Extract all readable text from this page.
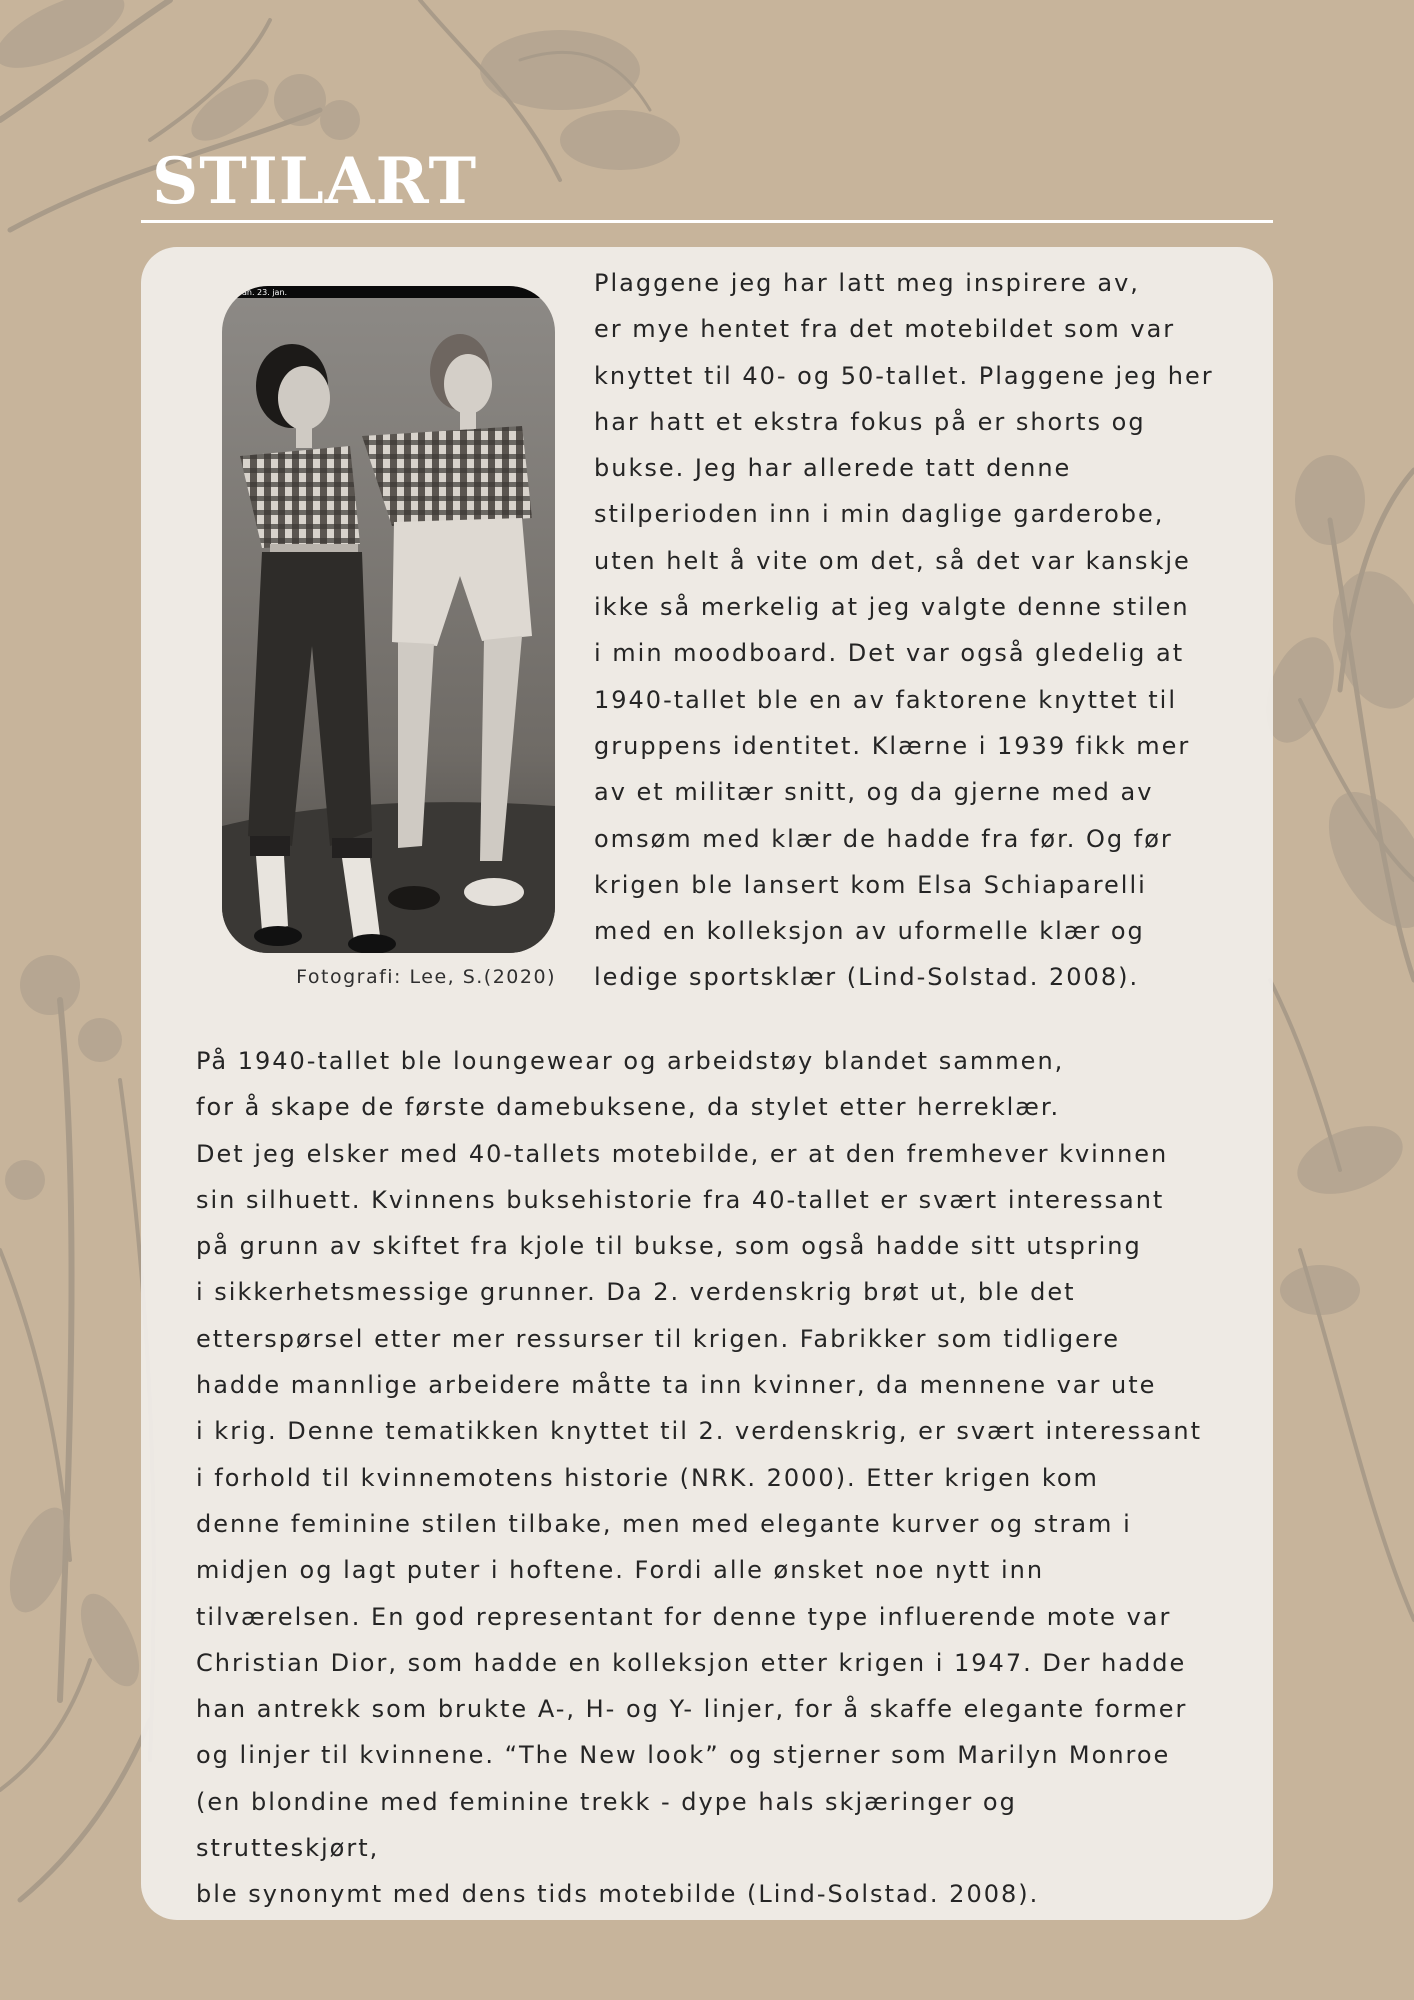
STILART
an. 23. jan.

Fotografi: Lee, S.(2020)

Plaggene jeg har latt meg inspirere av,
er mye hentet fra det motebildet som var
knyttet til 40- og 50-tallet. Plaggene jeg her
har hatt et ekstra fokus på er shorts og
bukse. Jeg har allerede tatt denne
stilperioden inn i min daglige garderobe,
uten helt å vite om det, så det var kanskje
ikke så merkelig at jeg valgte denne stilen
i min moodboard. Det var også gledelig at
1940-tallet ble en av faktorene knyttet til
gruppens identitet. Klærne i 1939 fikk mer
av et militær snitt, og da gjerne med av
omsøm med klær de hadde fra før. Og før
krigen ble lansert kom Elsa Schiaparelli
med en kolleksjon av uformelle klær og
ledige sportsklær (Lind-Solstad. 2008).
På 1940-tallet ble loungewear og arbeidstøy blandet sammen,
for å skape de første damebuksene, da stylet etter herreklær.
Det jeg elsker med 40-tallets motebilde, er at den fremhever kvinnen
sin silhuett. Kvinnens buksehistorie fra 40-tallet er svært interessant
på grunn av skiftet fra kjole til bukse, som også hadde sitt utspring
i sikkerhetsmessige grunner. Da 2. verdenskrig brøt ut, ble det
etterspørsel etter mer ressurser til krigen. Fabrikker som tidligere
hadde mannlige arbeidere måtte ta inn kvinner, da mennene var ute
i krig. Denne tematikken knyttet til 2. verdenskrig, er svært interessant
i forhold til kvinnemotens historie (NRK. 2000). Etter krigen kom
denne feminine stilen tilbake, men med elegante kurver og stram i
midjen og lagt puter i hoftene. Fordi alle ønsket noe nytt inn
tilværelsen. En god representant for denne type influerende mote var
Christian Dior, som hadde en kolleksjon etter krigen i 1947. Der hadde
han antrekk som brukte A-, H- og Y- linjer, for å skaffe elegante former
og linjer til kvinnene. “The New look” og stjerner som Marilyn Monroe
(en blondine med feminine trekk - dype hals skjæringer og
strutteskjørt,
ble synonymt med dens tids motebilde (Lind-Solstad. 2008).
